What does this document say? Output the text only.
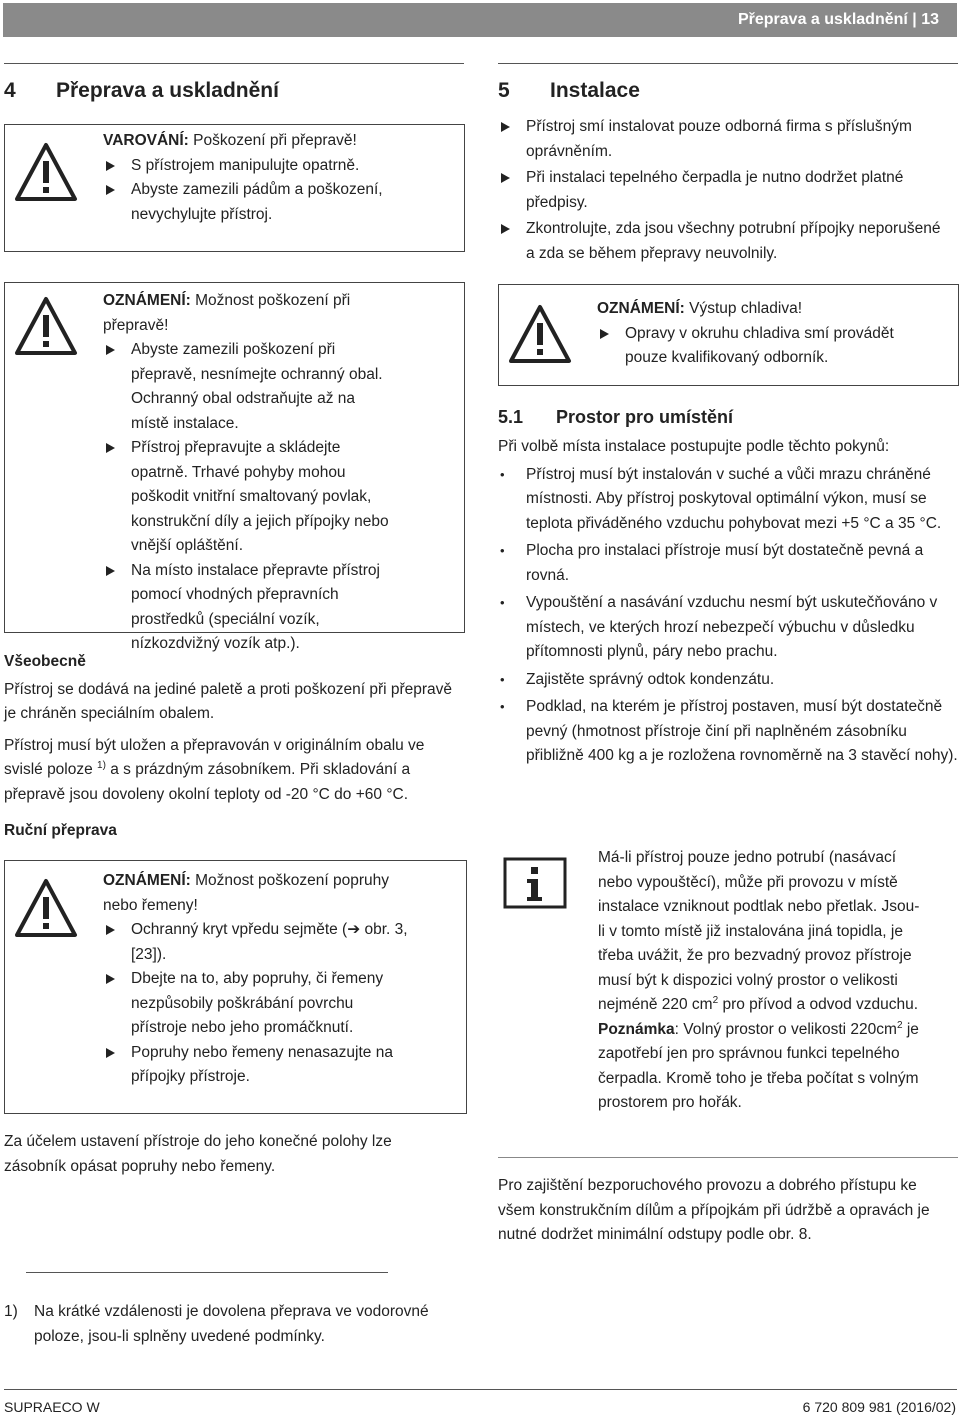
Přeprava a uskladnění | 13
4 Přeprava a uskladnění

VAROVÁNÍ: Poškození při přepravě!

S přístrojem manipulujte opatrně.
Abyste zamezili pádům a poškození, nevychylujte přístroj.

OZNÁMENÍ: Možnost poškození při přepravě!

Abyste zamezili poškození při přepravě, nesnímejte ochranný obal. Ochranný obal odstraňujte až na místě instalace.
Přístroj přepravujte a skládejte opatrně. Trhavé pohyby mohou poškodit vnitřní smaltovaný povlak, konstrukční díly a jejich přípojky nebo vnější opláštění.
Na místo instalace přepravte přístroj pomocí vhodných přepravních prostředků (speciální vozík, nízkozdvižný vozík atp.).

Všeobecně

Přístroj se dodává na jediné paletě a proti poškození při přepravě je chráněn speciálním obalem.

Přístroj musí být uložen a přepravován v originálním obalu ve svislé poloze $^{1)}$ a s prázdným zásobníkem. Při skladování a přepravě jsou dovoleny okolní teploty od -20 °C do +60 °C.

Ruční přeprava

OZNÁMENÍ: Možnost poškození popruhy nebo řemeny!

Ochranný kryt vpředu sejměte (➔ obr. 3, [23]).
Dbejte na to, aby popruhy, či řemeny nezpůsobily poškrábání povrchu přístroje nebo jeho promáčknutí.
Popruhy nebo řemeny nenasazujte na přípojky přístroje.

Za účelem ustavení přístroje do jeho konečné polohy lze zásobník opásat popruhy nebo řemeny.

1) Na krátké vzdálenosti je dovolena přeprava ve vodorovné poloze, jsou-li splněny uvedené podmínky.

5 Instalace
Přístroj smí instalovat pouze odborná firma s příslušným oprávněním.
Při instalaci tepelného čerpadla je nutno dodržet platné předpisy.
Zkontrolujte, zda jsou všechny potrubní přípojky neporušené a zda se během přepravy neuvolnily.

OZNÁMENÍ: Výstup chladiva!

Opravy v okruhu chladiva smí provádět pouze kvalifikovaný odborník.
5.1 Prostor pro umístění

Při volbě místa instalace postupujte podle těchto pokynů:

• Přístroj musí být instalován v suché a vůči mrazu chráněné místnosti. Aby přístroj poskytoval optimální výkon, musí se teplota přiváděného vzduchu pohybovat mezi +5 °C a 35 °C.
• Plocha pro instalaci přístroje musí být dostatečně pevná a rovná.
• Vypouštění a nasávání vzduchu nesmí být uskutečňováno v místech, ve kterých hrozí nebezpečí výbuchu v důsledku přítomnosti plynů, páry nebo prachu.
• Zajistěte správný odtok kondenzátu.
• Podklad, na kterém je přístroj postaven, musí být dostatečně pevný (hmotnost přístroje činí při naplněném zásobníku přibližně 400 kg a je rozložena rovnoměrně na 3 stavěcí nohy).

Má-li přístroj pouze jedno potrubí (nasávací nebo vypouštěcí), může při provozu v místě instalace vzniknout podtlak nebo přetlak. Jsou-li v tomto místě již instalována jiná topidla, je třeba uvážit, že pro bezvadný provoz přístroje musí být k dispozici volný prostor o velikosti nejméně 220 $cm^2$ pro přívod a odvod vzduchu.

Poznámka: Volný prostor o velikosti $220cm^2$ je zapotřebí jen pro správnou funkci tepelného čerpadla. Kromě toho je třeba počítat s volným prostorem pro hořák.

Pro zajištění bezporuchového provozu a dobrého přístupu ke všem konstrukčním dílům a přípojkám při údržbě a opravách je nutné dodržet minimální odstupy podle obr. 8.

SUPRAECO W	6 720 809 981 (2016/02)
